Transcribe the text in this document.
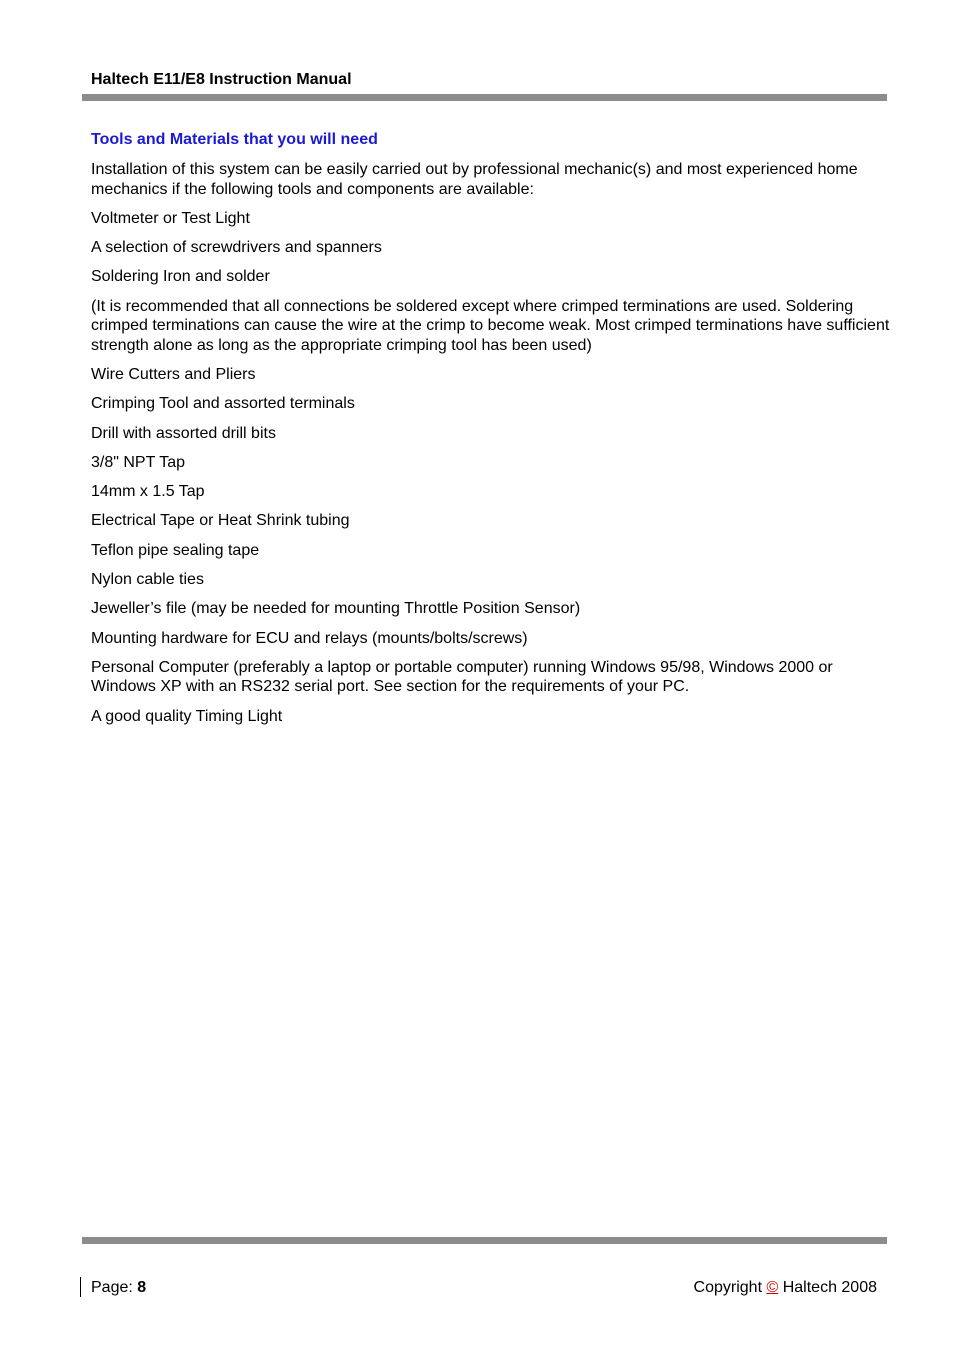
Haltech E11/E8 Instruction Manual
Tools and Materials that you will need

Installation of this system can be easily carried out by professional mechanic(s) and most experienced home mechanics if the following tools and components are available:

Voltmeter or Test Light

A selection of screwdrivers and spanners

Soldering Iron and solder

(It is recommended that all connections be soldered except where crimped terminations are used. Soldering crimped terminations can cause the wire at the crimp to become weak. Most crimped terminations have sufficient strength alone as long as the appropriate crimping tool has been used)

Wire Cutters and Pliers

Crimping Tool and assorted terminals

Drill with assorted drill bits

3/8" NPT Tap

14mm x 1.5 Tap

Electrical Tape or Heat Shrink tubing

Teflon pipe sealing tape

Nylon cable ties

Jeweller’s file (may be needed for mounting Throttle Position Sensor)

Mounting hardware for ECU and relays (mounts/bolts/screws)

Personal Computer (preferably a laptop or portable computer) running Windows 95/98, Windows 2000 or Windows XP with an RS232 serial port. See section for the requirements of your PC.

A good quality Timing Light

Page: 8	Copyright © Haltech 2008
